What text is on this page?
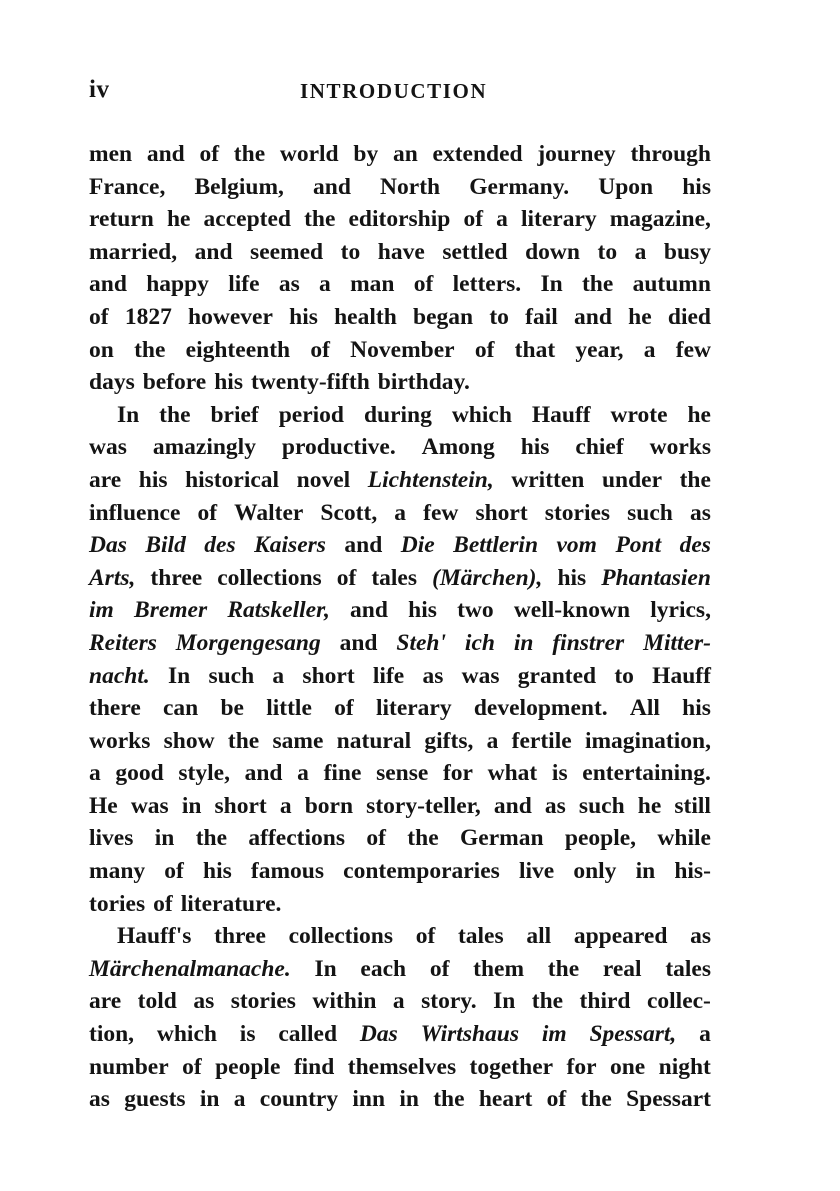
iv	INTRODUCTION
men and of the world by an extended journey through
France, Belgium, and North Germany. Upon his
return he accepted the editorship of a literary magazine,
married, and seemed to have settled down to a busy
and happy life as a man of letters. In the autumn
of 1827 however his health began to fail and he died
on the eighteenth of November of that year, a few
days before his twenty-fifth birthday.
In the brief period during which Hauff wrote he
was amazingly productive. Among his chief works
are his historical novel Lichtenstein, written under the
influence of Walter Scott, a few short stories such as
Das Bild des Kaisers and Die Bettlerin vom Pont des
Arts, three collections of tales (Märchen), his Phantasien
im Bremer Ratskeller, and his two well-known lyrics,
Reiters Morgengesang and Steh' ich in finstrer Mitter-
nacht. In such a short life as was granted to Hauff
there can be little of literary development. All his
works show the same natural gifts, a fertile imagination,
a good style, and a fine sense for what is entertaining.
He was in short a born story-teller, and as such he still
lives in the affections of the German people, while
many of his famous contemporaries live only in his-
tories of literature.
Hauff's three collections of tales all appeared as
Märchenalmanache. In each of them the real tales
are told as stories within a story. In the third collec-
tion, which is called Das Wirtshaus im Spessart, a
number of people find themselves together for one night
as guests in a country inn in the heart of the Spessart
